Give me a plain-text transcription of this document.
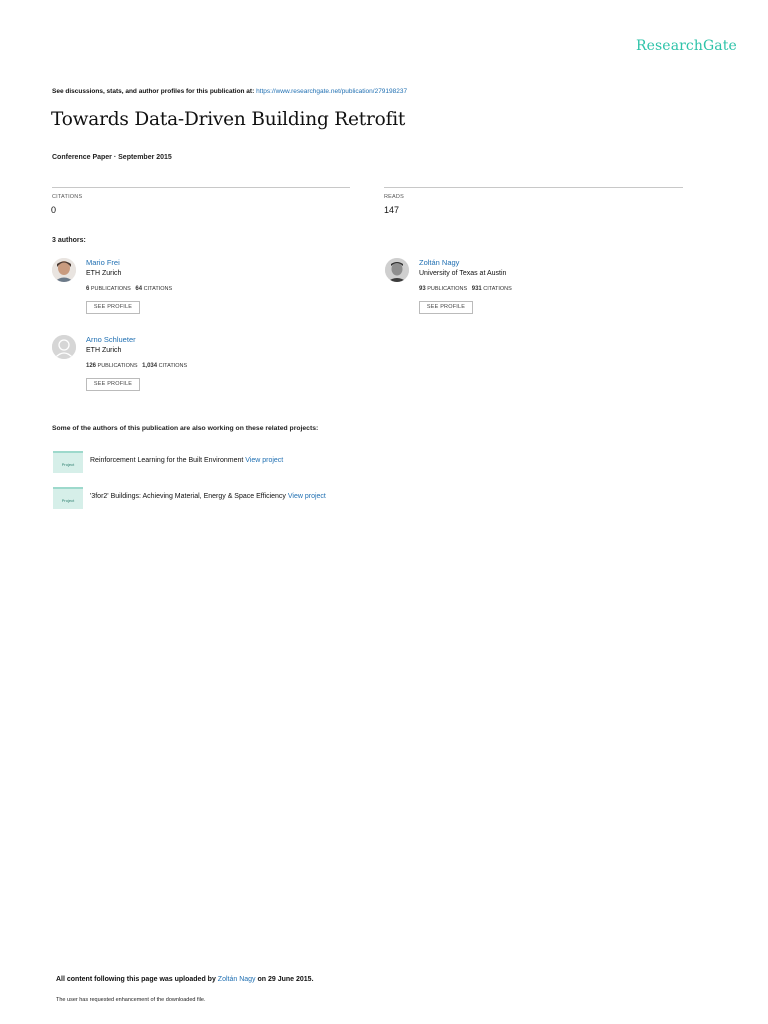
ResearchGate
See discussions, stats, and author profiles for this publication at: https://www.researchgate.net/publication/279198237
Towards Data-Driven Building Retrofit
Conference Paper · September 2015
CITATIONS
0
READS
147
3 authors:
Mario Frei
ETH Zurich
6 PUBLICATIONS 64 CITATIONS
SEE PROFILE
Zoltán Nagy
University of Texas at Austin
93 PUBLICATIONS 931 CITATIONS
SEE PROFILE
Arno Schlueter
ETH Zurich
126 PUBLICATIONS 1,034 CITATIONS
SEE PROFILE
Some of the authors of this publication are also working on these related projects:
Project
Reinforcement Learning for the Built Environment View project
Project
'3for2' Buildings: Achieving Material, Energy & Space Efficiency View project
All content following this page was uploaded by Zoltán Nagy on 29 June 2015.
The user has requested enhancement of the downloaded file.
